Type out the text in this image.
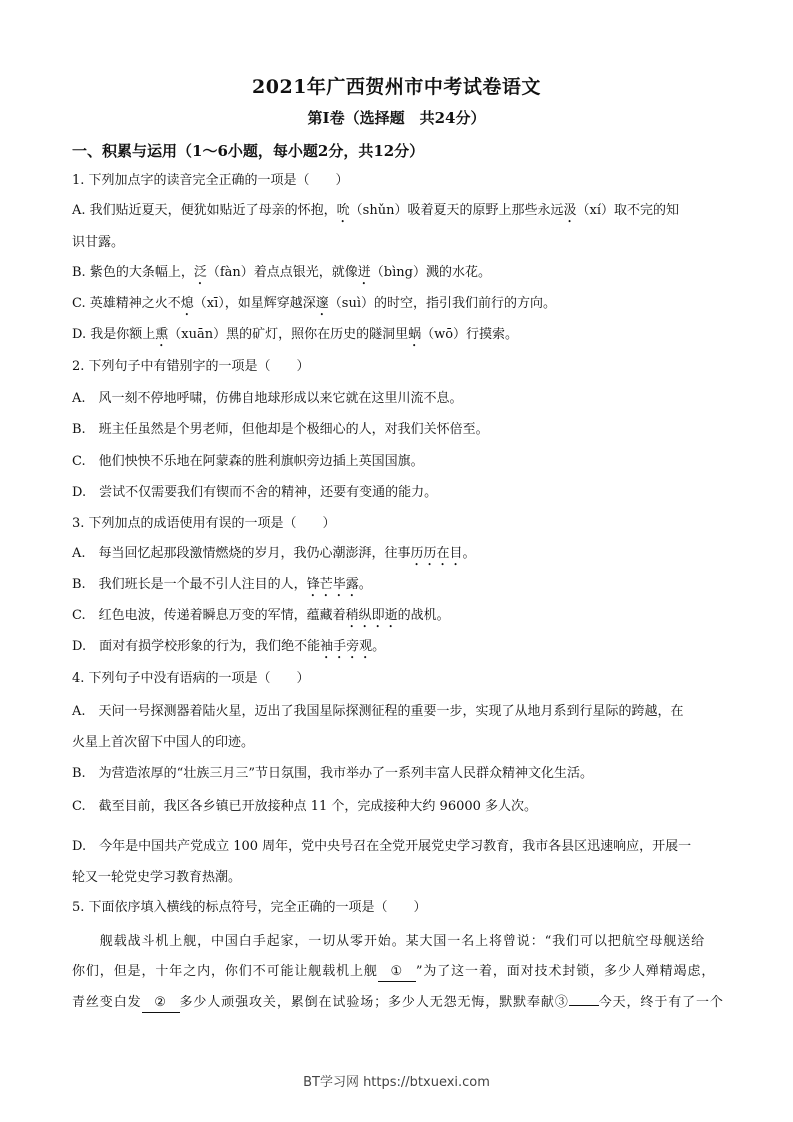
2021年广西贺州市中考试卷语文
第Ⅰ卷（选择题　共24分）
一、积累与运用（1～6小题，每小题2分，共12分）
1. 下列加点字的读音完全正确的一项是（　　）
A. 我们贴近夏天，便犹如贴近了母亲的怀抱，吮（shǔn）吸着夏天的原野上那些永远汲（xí）取不完的知
识甘露。
B. 紫色的大条幅上，泛（fàn）着点点银光，就像迸（bìng）溅的水花。
C. 英雄精神之火不熄（xī），如星辉穿越深邃（suì）的时空，指引我们前行的方向。
D. 我是你额上熏（xuān）黑的矿灯，照你在历史的隧洞里蜗（wō）行摸索。
2. 下列句子中有错别字的一项是（　　）
A.　风一刻不停地呼啸，仿佛自地球形成以来它就在这里川流不息。
B.　班主任虽然是个男老师，但他却是个极细心的人，对我们关怀倍至。
C.　他们怏怏不乐地在阿蒙森的胜利旗帜旁边插上英国国旗。
D.　尝试不仅需要我们有锲而不舍的精神，还要有变通的能力。
3. 下列加点的成语使用有误的一项是（　　）
A.　每当回忆起那段激情燃烧的岁月，我仍心潮澎湃，往事历历在目。
B.　我们班长是一个最不引人注目的人，锋芒毕露。
C.　红色电波，传递着瞬息万变的军情，蕴藏着稍纵即逝的战机。
D.　面对有损学校形象的行为，我们绝不能袖手旁观。
4. 下列句子中没有语病的一项是（　　）
A.　天问一号探测器着陆火星，迈出了我国星际探测征程的重要一步，实现了从地月系到行星际的跨越，在
火星上首次留下中国人的印迹。
B.　为营造浓厚的“壮族三月三”节日氛围，我市举办了一系列丰富人民群众精神文化生活。
C.　截至目前，我区各乡镇已开放接种点 11 个，完成接种大约 96000 多人次。
D.　今年是中国共产党成立 100 周年，党中央号召在全党开展党史学习教育，我市各县区迅速响应，开展一
轮又一轮党史学习教育热潮。
5. 下面依序填入横线的标点符号，完全正确的一项是（　　）
　　舰载战斗机上舰，中国白手起家，一切从零开始。某大国一名上将曾说：“我们可以把航空母舰送给
你们，但是，十年之内，你们不可能让舰载机上舰 ① ”为了这一着，面对技术封锁，多少人殚精竭虑，
青丝变白发 ② 多少人顽强攻关，累倒在试验场；多少人无怨无悔，默默奉献③ 今天，终于有了一个
BT学习网 https://btxuexi.com
